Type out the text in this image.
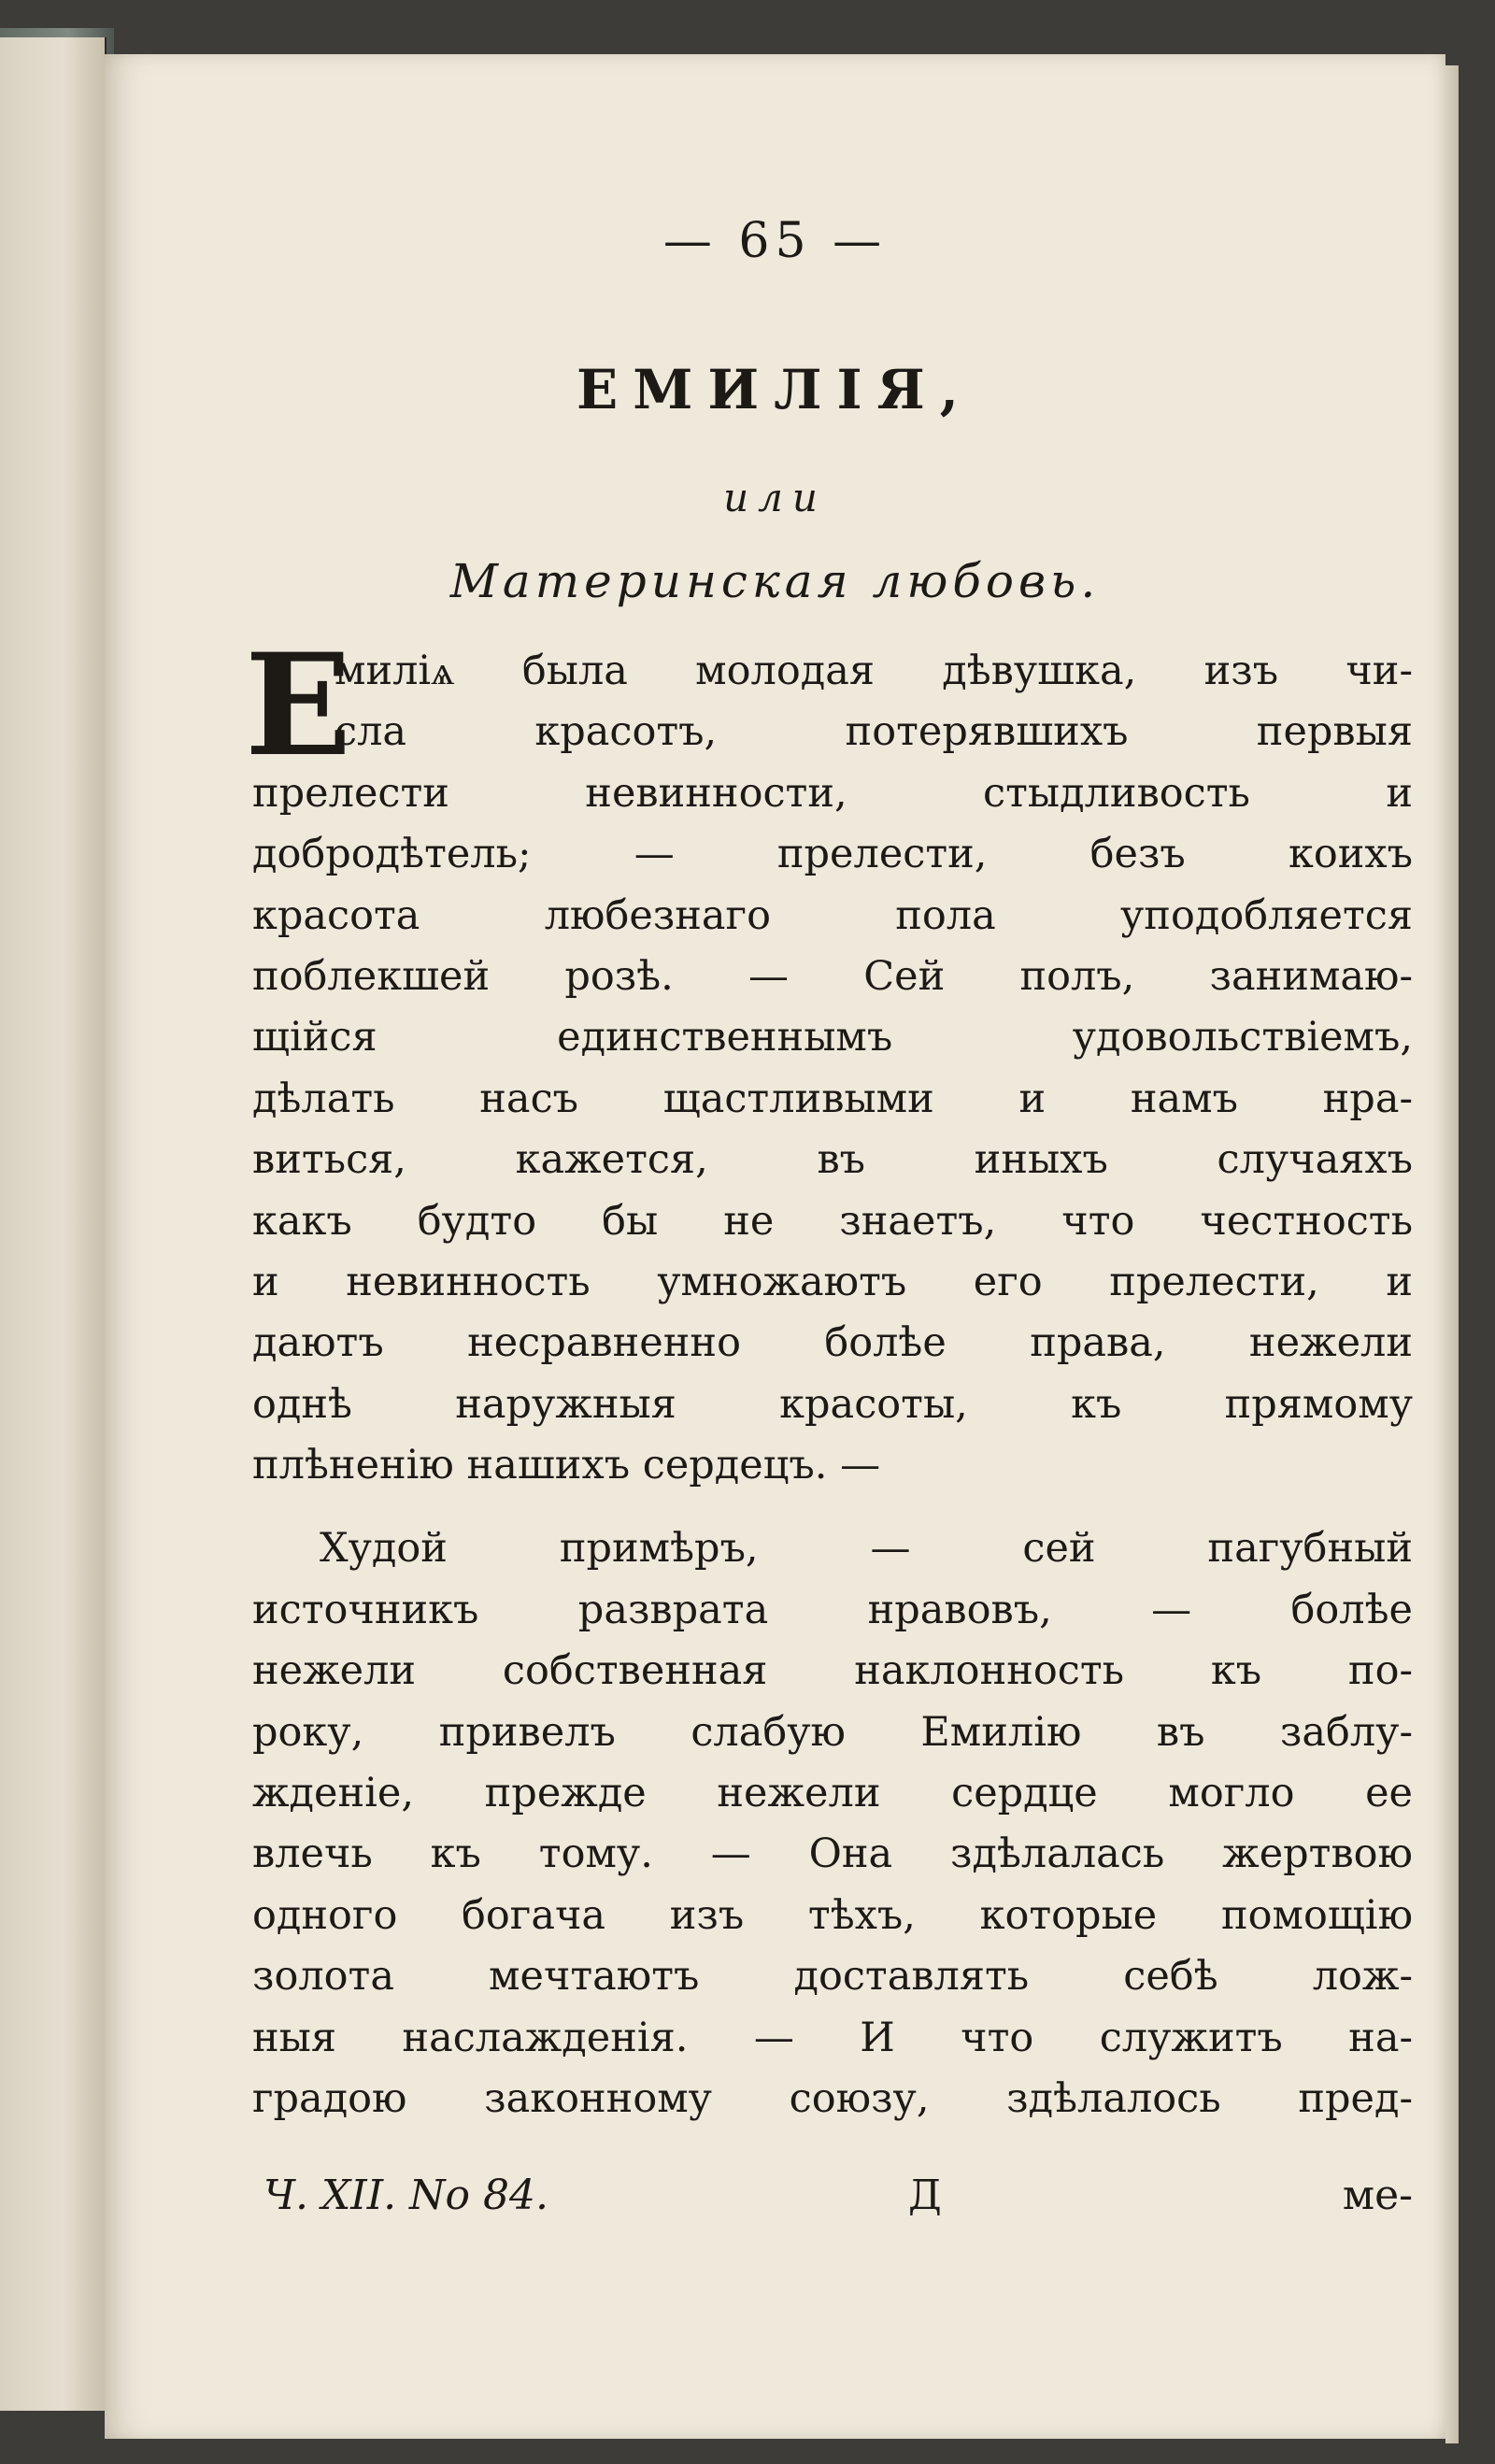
— 65 —
ЕМИЛІЯ,
или
Материнская любовь.
Е
миліѧ была молодая дѣвушка, изъ чи-
сла красотъ, потерявшихъ первыя
прелести невинности, стыдливость и
добродѣтель; — прелести, безъ коихъ
красота любезнаго пола уподобляется
поблекшей розѣ. — Сей полъ, занимаю-
щійся единственнымъ удовольствіемъ,
дѣлать насъ щастливыми и намъ нра-
виться, кажется, въ иныхъ случаяхъ
какъ будто бы не знаетъ, что честность
и невинность умножаютъ его прелести, и
даютъ несравненно болѣе права, нежели
однѣ наружныя красоты, къ прямому
плѣненію нашихъ сердецъ. —
Худой примѣръ, — сей пагубный
источникъ разврата нравовъ, — болѣе
нежели собственная наклонность къ по-
року, привелъ слабую Емилію въ заблу-
жденіе, прежде нежели сердце могло ее
влечь къ тому. — Она здѣлалась жертвою
одного богача изъ тѣхъ, которые помощію
золота мечтаютъ доставлять себѣ лож-
ныя наслажденія. — И что служитъ на-
градою законному союзу, здѣлалось пред-
Ч. XII. No 84.	Д	ме-
